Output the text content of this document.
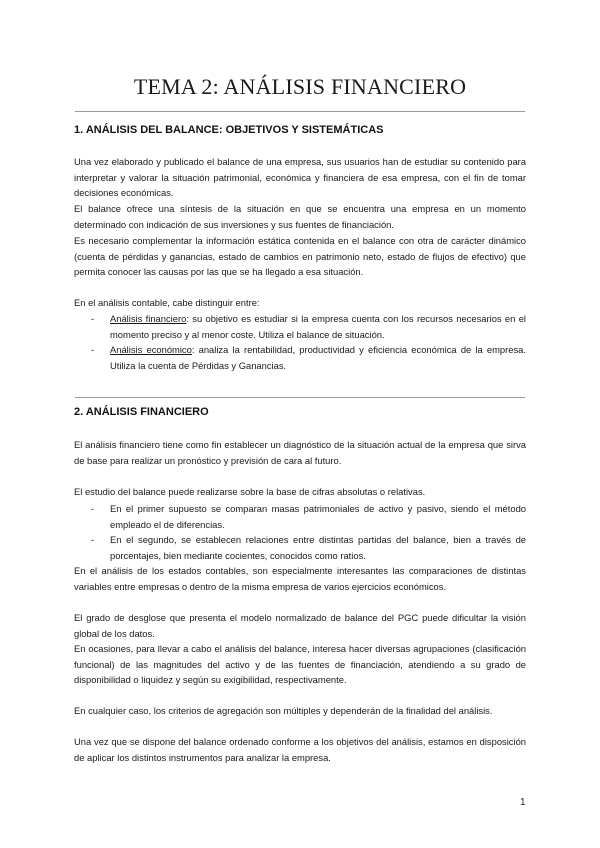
TEMA 2: ANÁLISIS FINANCIERO
1. ANÁLISIS DEL BALANCE: OBJETIVOS Y SISTEMÁTICAS
Una vez elaborado y publicado el balance de una empresa, sus usuarios han de estudiar su contenido para interpretar y valorar la situación patrimonial, económica y financiera de esa empresa, con el fin de tomar decisiones económicas.
El balance ofrece una síntesis de la situación en que se encuentra una empresa en un momento determinado con indicación de sus inversiones y sus fuentes de financiación.
Es necesario complementar la información estática contenida en el balance con otra de carácter dinámico (cuenta de pérdidas y ganancias, estado de cambios en patrimonio neto, estado de flujos de efectivo) que permita conocer las causas por las que se ha llegado a esa situación.
En el análisis contable, cabe distinguir entre:
- Análisis financiero: su objetivo es estudiar si la empresa cuenta con los recursos necesarios en el momento preciso y al menor coste. Utiliza el balance de situación.
- Análisis económico: analiza la rentabilidad, productividad y eficiencia económica de la empresa. Utiliza la cuenta de Pérdidas y Ganancias.
2. ANÁLISIS FINANCIERO
El análisis financiero tiene como fin establecer un diagnóstico de la situación actual de la empresa que sirva de base para realizar un pronóstico y previsión de cara al futuro.
El estudio del balance puede realizarse sobre la base de cifras absolutas o relativas.
- En el primer supuesto se comparan masas patrimoniales de activo y pasivo, siendo el método empleado el de diferencias.
- En el segundo, se establecen relaciones entre distintas partidas del balance, bien a través de porcentajes, bien mediante cocientes, conocidos como ratios.
En el análisis de los estados contables, son especialmente interesantes las comparaciones de distintas variables entre empresas o dentro de la misma empresa de varios ejercicios económicos.
El grado de desglose que presenta el modelo normalizado de balance del PGC puede dificultar la visión global de los datos.
En ocasiones, para llevar a cabo el análisis del balance, interesa hacer diversas agrupaciones (clasificación funcional) de las magnitudes del activo y de las fuentes de financiación, atendiendo a su grado de disponibilidad o liquidez y según su exigibilidad, respectivamente.
En cualquier caso, los criterios de agregación son múltiples y dependerán de la finalidad del análisis.
Una vez que se dispone del balance ordenado conforme a los objetivos del análisis, estamos en disposición de aplicar los distintos instrumentos para analizar la empresa.
1
